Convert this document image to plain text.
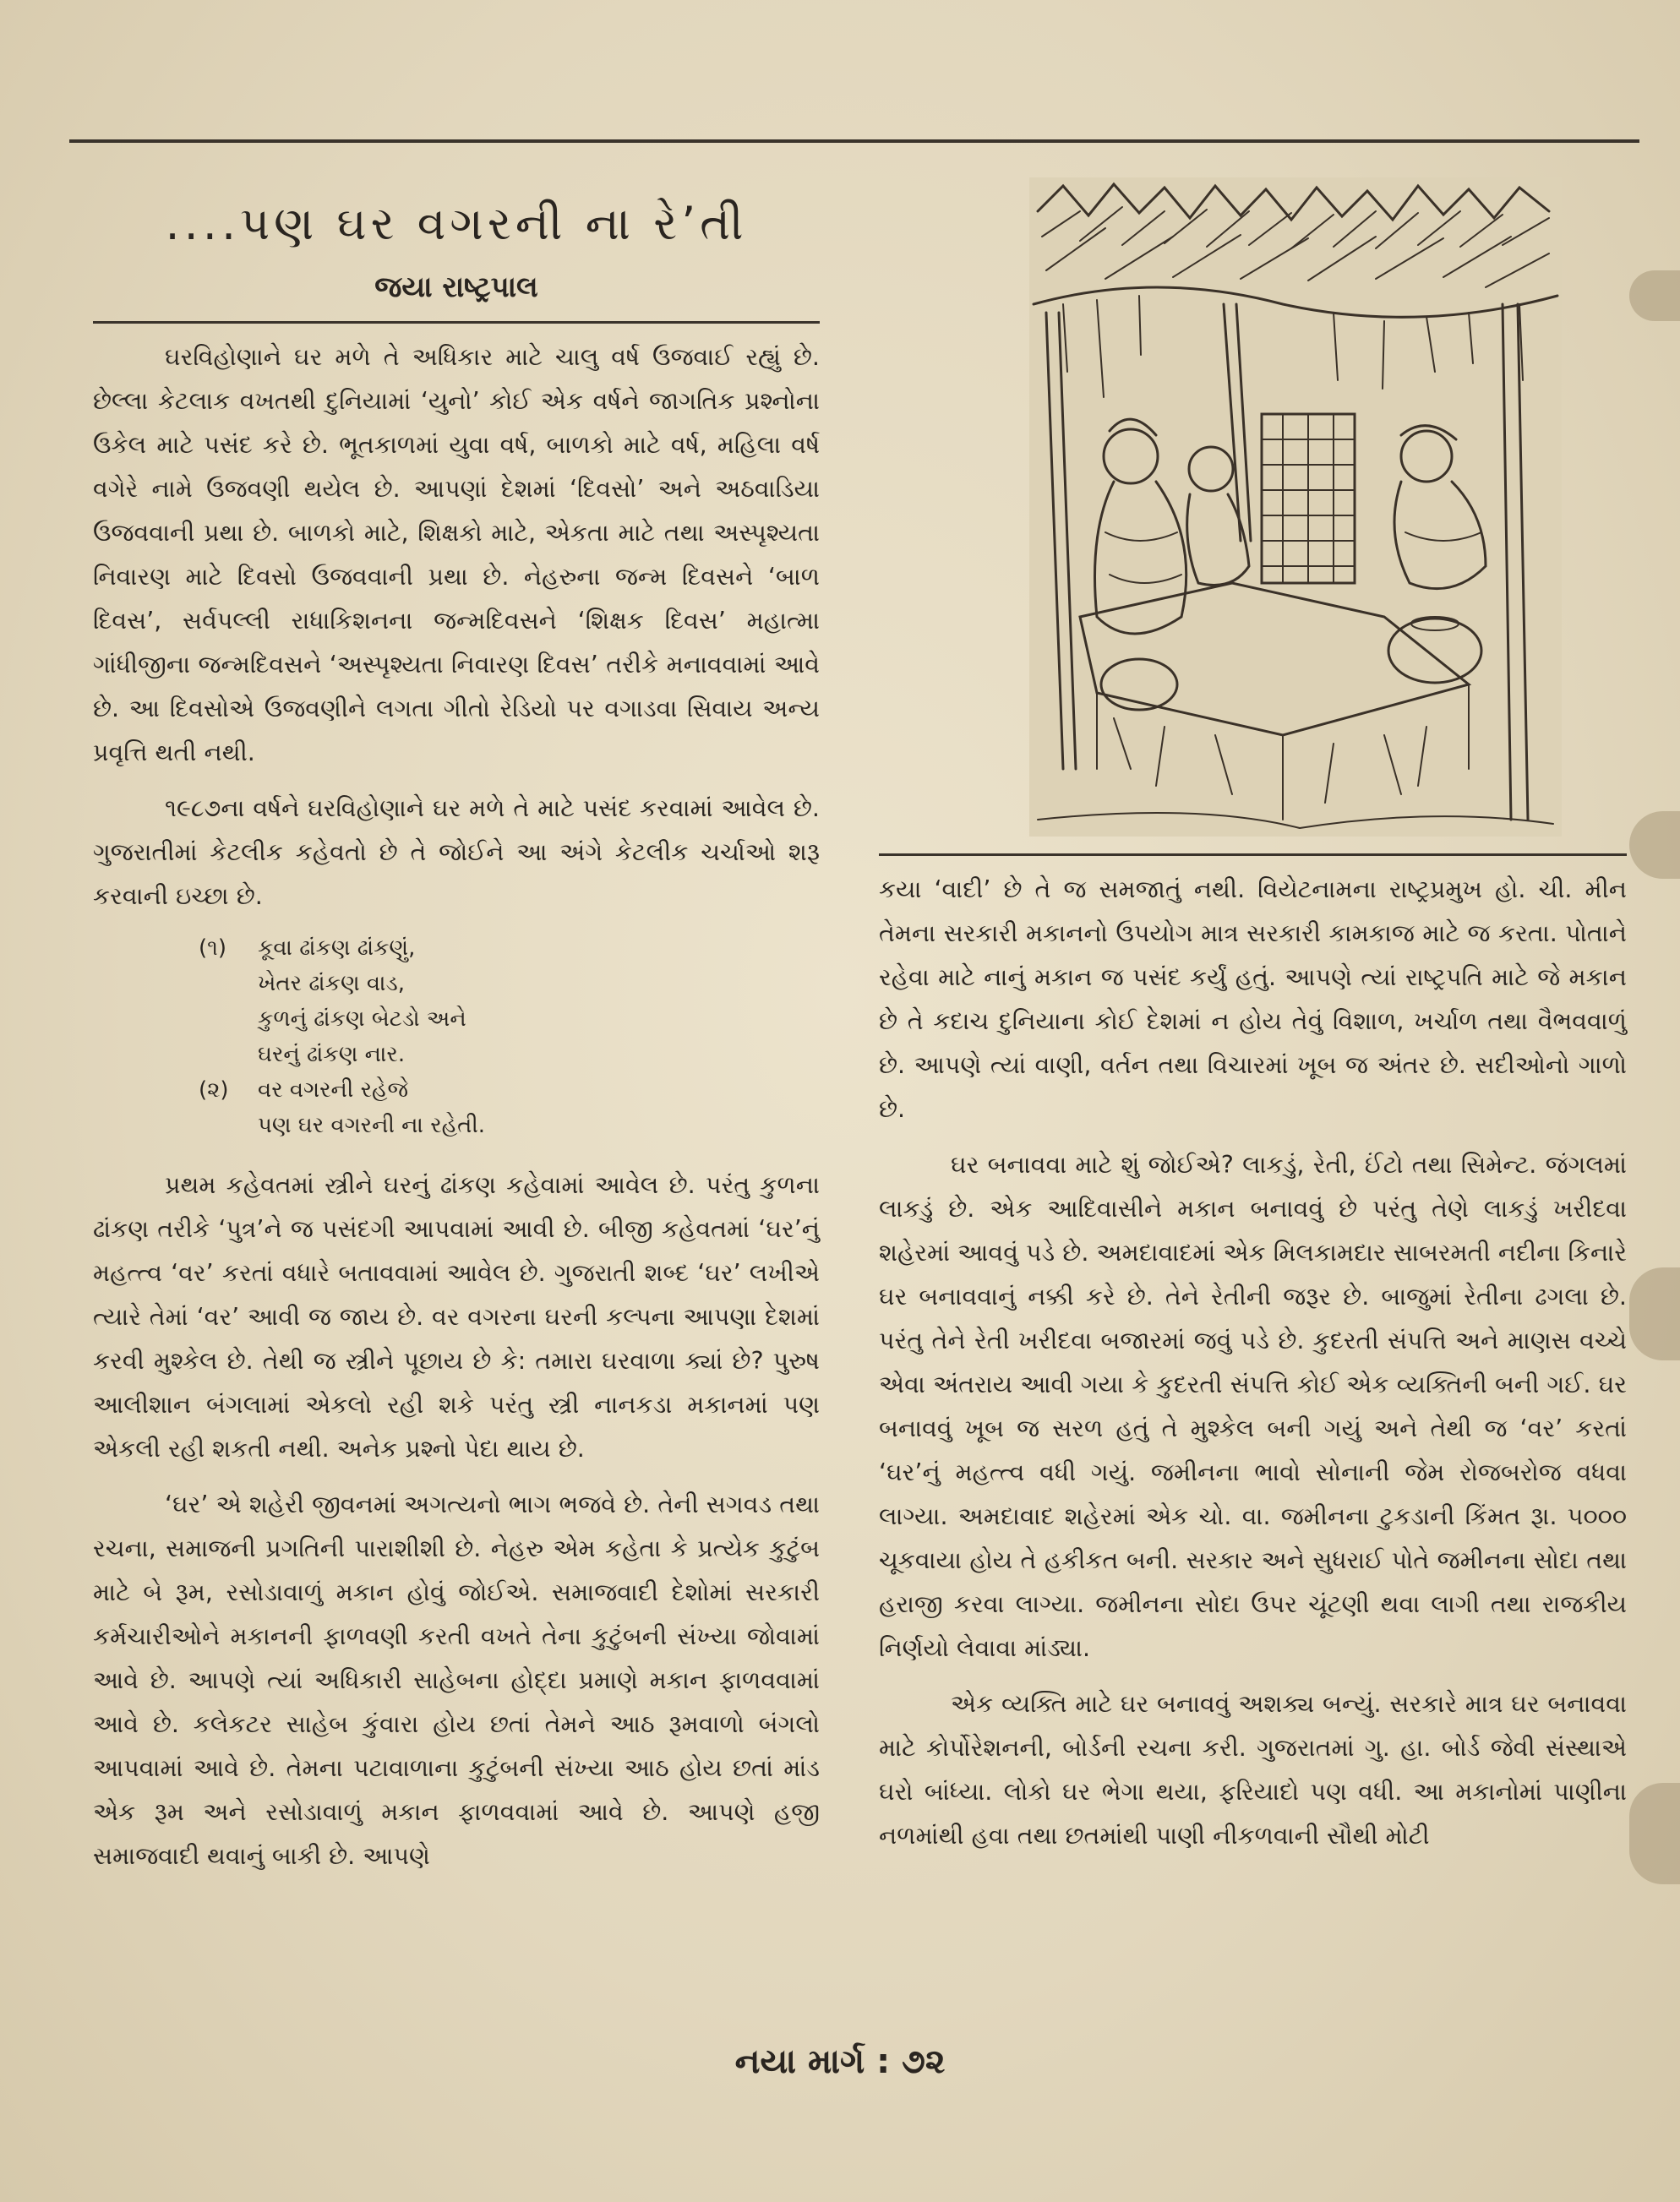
....પણ ઘર વગરની ના રે’તી
જયા રાષ્ટ્રપાલ

ઘરવિહોણાને ઘર મળે તે અધિકાર માટે ચાલુ વર્ષ ઉજવાઈ રહ્યું છે. છેલ્લા કેટલાક વખતથી દુનિયામાં ‘યુનો’ કોઈ એક વર્ષને જાગતિક પ્રશ્નોના ઉકેલ માટે પસંદ કરે છે. ભૂતકાળમાં યુવા વર્ષ, બાળકો માટે વર્ષ, મહિલા વર્ષ વગેરે નામે ઉજવણી થયેલ છે. આપણાં દેશમાં ‘દિવસો’ અને અઠવાડિયા ઉજવવાની પ્રથા છે. બાળકો માટે, શિક્ષકો માટે, એકતા માટે તથા અસ્પૃશ્યતા નિવારણ માટે દિવસો ઉજવવાની પ્રથા છે. નેહરુના જન્મ દિવસને ‘બાળ દિવસ’, સર્વપલ્લી રાધાકિશનના જન્મદિવસને ‘શિક્ષક દિવસ’ મહાત્મા ગાંધીજીના જન્મદિવસને ‘અસ્પૃશ્યતા નિવારણ દિવસ’ તરીકે મનાવવામાં આવે છે. આ દિવસોએ ઉજવણીને લગતા ગીતો રેડિયો પર વગાડવા સિવાય અન્ય પ્રવૃત્તિ થતી નથી.

૧૯૮૭ના વર્ષને ઘરવિહોણાને ઘર મળે તે માટે પસંદ કરવામાં આવેલ છે. ગુજરાતીમાં કેટલીક કહેવતો છે તે જોઈને આ અંગે કેટલીક ચર્ચાઓ શરૂ કરવાની ઇચ્છા છે.

(૧)	કૂવા ઢાંકણ ઢાંકણું,
ખેતર ઢાંકણ વાડ,
કુળનું ઢાંકણ બેટડો અને
ઘરનું ઢાંકણ નાર.
(૨)	વર વગરની રહેજે
પણ ઘર વગરની ના રહેતી.

પ્રથમ કહેવતમાં સ્ત્રીને ઘરનું ઢાંકણ કહેવામાં આવેલ છે. પરંતુ કુળના ઢાંકણ તરીકે ‘પુત્ર’ને જ પસંદગી આપવામાં આવી છે. બીજી કહેવતમાં ‘ઘર’નું મહત્ત્વ ‘વર’ કરતાં વધારે બતાવવામાં આવેલ છે. ગુજરાતી શબ્દ ‘ઘર’ લખીએ ત્યારે તેમાં ‘વર’ આવી જ જાય છે. વર વગરના ઘરની કલ્પના આપણા દેશમાં કરવી મુશ્કેલ છે. તેથી જ સ્ત્રીને પૂછાય છે કે: તમારા ઘરવાળા ક્યાં છે? પુરુષ આલીશાન બંગલામાં એકલો રહી શકે પરંતુ સ્ત્રી નાનકડા મકાનમાં પણ એકલી રહી શકતી નથી. અનેક પ્રશ્નો પેદા થાય છે.

‘ઘર’ એ શહેરી જીવનમાં અગત્યનો ભાગ ભજવે છે. તેની સગવડ તથા રચના, સમાજની પ્રગતિની પારાશીશી છે. નેહરુ એમ કહેતા કે પ્રત્યેક કુટુંબ માટે બે રૂમ, રસોડાવાળું મકાન હોવું જોઈએ. સમાજવાદી દેશોમાં સરકારી કર્મચારીઓને મકાનની ફાળવણી કરતી વખતે તેના કુટુંબની સંખ્યા જોવામાં આવે છે. આપણે ત્યાં અધિકારી સાહેબના હોદ્દા પ્રમાણે મકાન ફાળવવામાં આવે છે. કલેકટર સાહેબ કુંવારા હોય છતાં તેમને આઠ રૂમવાળો બંગલો આપવામાં આવે છે. તેમના પટાવાળાના કુટુંબની સંખ્યા આઠ હોય છતાં માંડ એક રૂમ અને રસોડાવાળું મકાન ફાળવવામાં આવે છે. આપણે હજી સમાજવાદી થવાનું બાકી છે. આપણે

કયા ‘વાદી’ છે તે જ સમજાતું નથી. વિયેટનામના રાષ્ટ્રપ્રમુખ હો. ચી. મીન તેમના સરકારી મકાનનો ઉપયોગ માત્ર સરકારી કામકાજ માટે જ કરતા. પોતાને રહેવા માટે નાનું મકાન જ પસંદ કર્યું હતું. આપણે ત્યાં રાષ્ટ્રપતિ માટે જે મકાન છે તે કદાચ દુનિયાના કોઈ દેશમાં ન હોય તેવું વિશાળ, ખર્ચાળ તથા વૈભવવાળું છે. આપણે ત્યાં વાણી, વર્તન તથા વિચારમાં ખૂબ જ અંતર છે. સદીઓનો ગાળો છે.

ઘર બનાવવા માટે શું જોઈએ? લાકડું, રેતી, ઈંટો તથા સિમેન્ટ. જંગલમાં લાકડું છે. એક આદિવાસીને મકાન બનાવવું છે પરંતુ તેણે લાકડું ખરીદવા શહેરમાં આવવું પડે છે. અમદાવાદમાં એક મિલકામદાર સાબરમતી નદીના કિનારે ઘર બનાવવાનું નક્કી કરે છે. તેને રેતીની જરૂર છે. બાજુમાં રેતીના ઢગલા છે. પરંતુ તેને રેતી ખરીદવા બજારમાં જવું પડે છે. કુદરતી સંપત્તિ અને માણસ વચ્ચે એવા અંતરાય આવી ગયા કે કુદરતી સંપત્તિ કોઈ એક વ્યક્તિની બની ગઈ. ઘર બનાવવું ખૂબ જ સરળ હતું તે મુશ્કેલ બની ગયું અને તેથી જ ‘વર’ કરતાં ‘ઘર’નું મહત્ત્વ વધી ગયું. જમીનના ભાવો સોનાની જેમ રોજબરોજ વધવા લાગ્યા. અમદાવાદ શહેરમાં એક ચો. વા. જમીનના ટુકડાની કિંમત રૂા. ૫૦૦૦ ચૂકવાયા હોય તે હકીકત બની. સરકાર અને સુધરાઈ પોતે જમીનના સોદા તથા હરાજી કરવા લાગ્યા. જમીનના સોદા ઉપર ચૂંટણી થવા લાગી તથા રાજકીય નિર્ણયો લેવાવા માંડ્યા.

એક વ્યક્તિ માટે ઘર બનાવવું અશક્ય બન્યું. સરકારે માત્ર ઘર બનાવવા માટે કોર્પોરેશનની, બોર્ડની રચના કરી. ગુજરાતમાં ગુ. હા. બોર્ડ જેવી સંસ્થાએ ઘરો બાંધ્યા. લોકો ઘર ભેગા થયા, ફરિયાદો પણ વધી. આ મકાનોમાં પાણીના નળમાંથી હવા તથા છતમાંથી પાણી નીકળવાની સૌથી મોટી

નયા માર્ગ : ૭૨
